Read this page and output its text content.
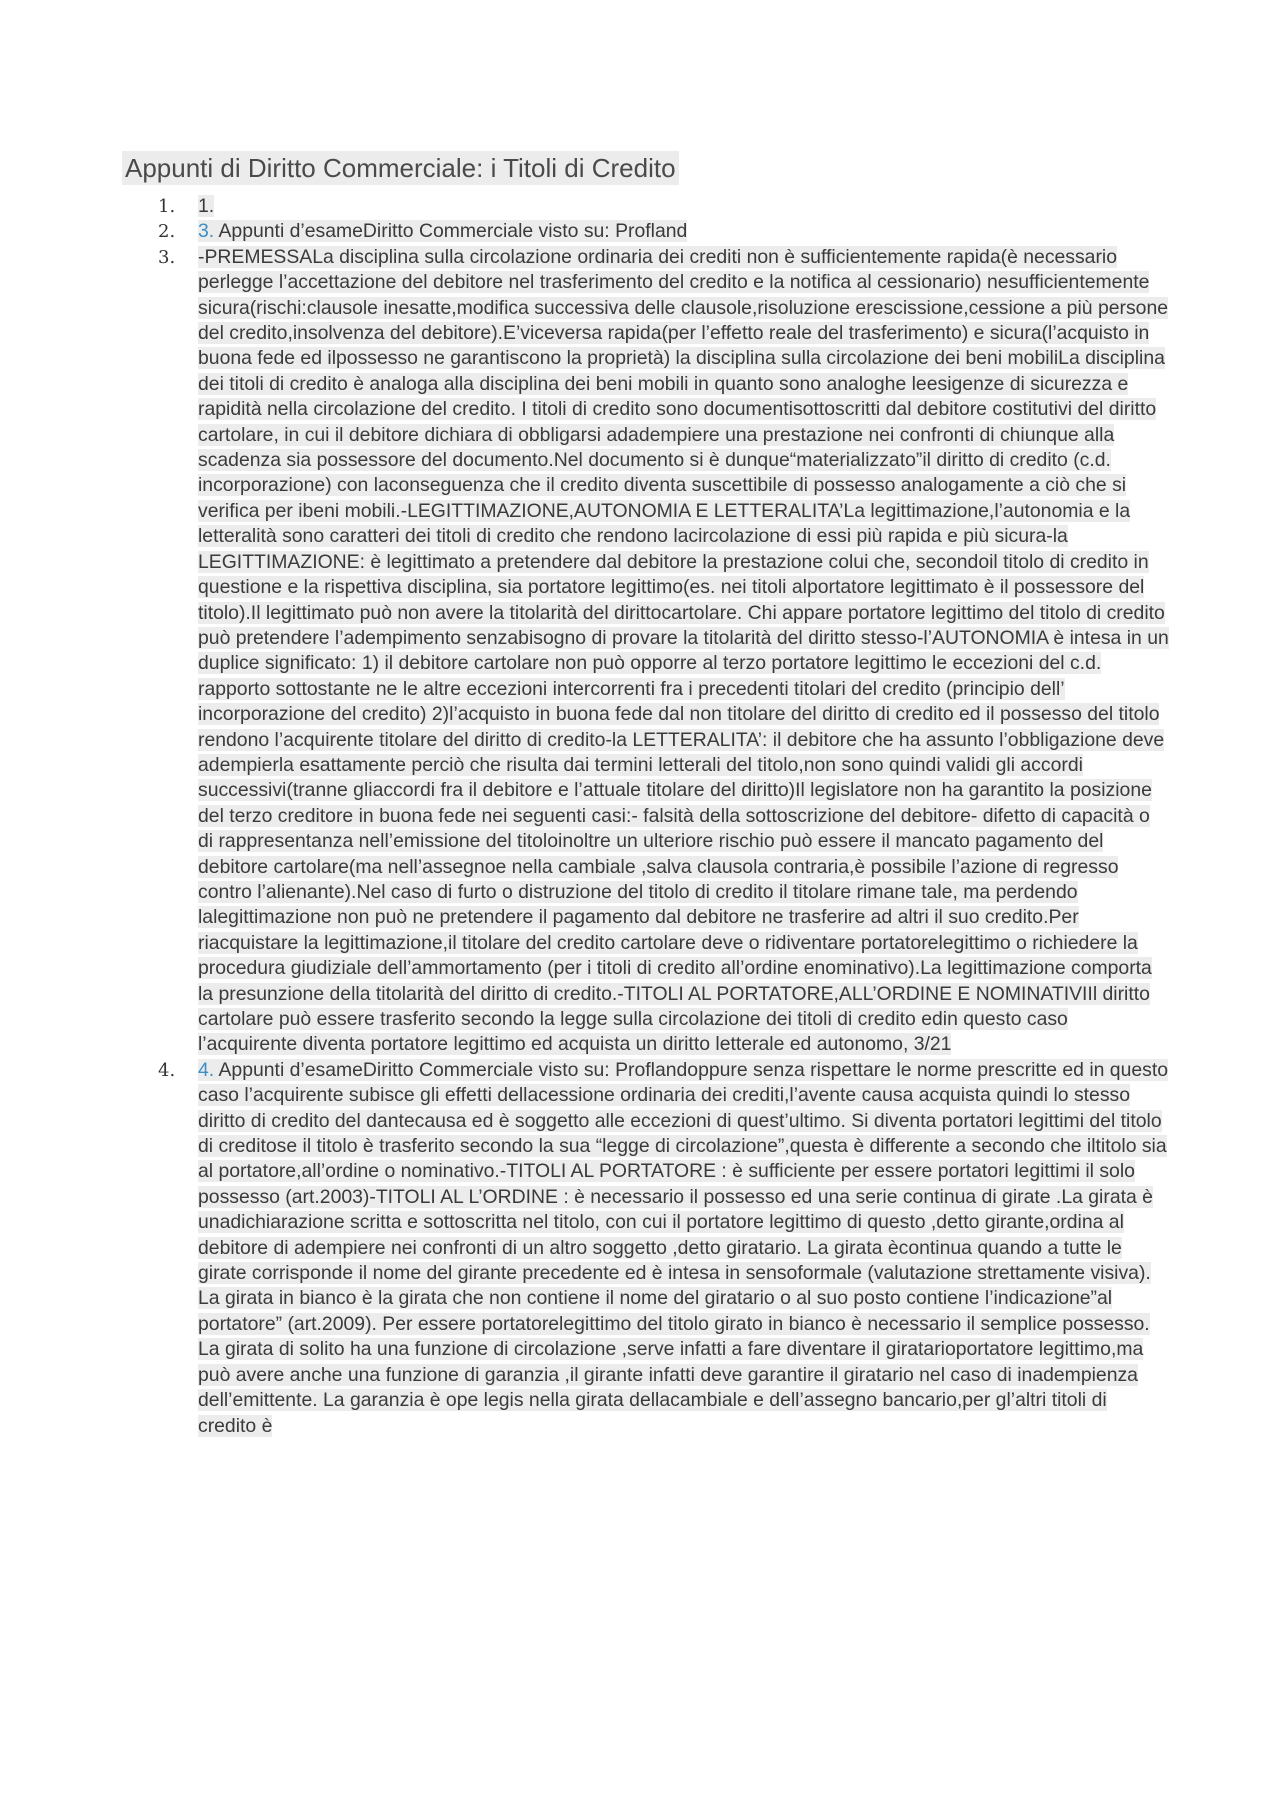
Appunti di Diritto Commerciale: i Titoli di Credito
1. 1.
2. 3. Appunti d’esameDiritto Commerciale visto su: Profland
3. -PREMESSALa disciplina sulla circolazione ordinaria dei crediti non è sufficientemente rapida(è necessario perlegge l’accettazione del debitore nel trasferimento del credito e la notifica al cessionario) nesufficientemente sicura(rischi:clausole inesatte,modifica successiva delle clausole,risoluzione erescissione,cessione a più persone del credito,insolvenza del debitore).E’viceversa rapida(per l’effetto reale del trasferimento) e sicura(l’acquisto in buona fede ed ilpossesso ne garantiscono la proprietà) la disciplina sulla circolazione dei beni mobiliLa disciplina dei titoli di credito è analoga alla disciplina dei beni mobili in quanto sono analoghe leesigenze di sicurezza e rapidità nella circolazione del credito. I titoli di credito sono documentisottoscritti dal debitore costitutivi del diritto cartolare, in cui il debitore dichiara di obbligarsi adadempiere una prestazione nei confronti di chiunque alla scadenza sia possessore del documento.Nel documento si è dunque“materializzato”il diritto di credito (c.d. incorporazione) con laconseguenza che il credito diventa suscettibile di possesso analogamente a ciò che si verifica per ibeni mobili.-LEGITTIMAZIONE,AUTONOMIA E LETTERALITA’La legittimazione,l’autonomia e la letteralità sono caratteri dei titoli di credito che rendono lacircolazione di essi più rapida e più sicura-la LEGITTIMAZIONE: è legittimato a pretendere dal debitore la prestazione colui che, secondoil titolo di credito in questione e la rispettiva disciplina, sia portatore legittimo(es. nei titoli alportatore legittimato è il possessore del titolo).Il legittimato può non avere la titolarità del dirittocartolare. Chi appare portatore legittimo del titolo di credito può pretendere l’adempimento senzabisogno di provare la titolarità del diritto stesso-l’AUTONOMIA è intesa in un duplice significato: 1) il debitore cartolare non può opporre al terzo portatore legittimo le eccezioni del c.d. rapporto sottostante ne le altre eccezioni intercorrenti fra i precedenti titolari del credito (principio dell’ incorporazione del credito) 2)l’acquisto in buona fede dal non titolare del diritto di credito ed il possesso del titolo rendono l’acquirente titolare del diritto di credito-la LETTERALITA’: il debitore che ha assunto l’obbligazione deve adempierla esattamente perciò che risulta dai termini letterali del titolo,non sono quindi validi gli accordi successivi(tranne gliaccordi fra il debitore e l’attuale titolare del diritto)Il legislatore non ha garantito la posizione del terzo creditore in buona fede nei seguenti casi:- falsità della sottoscrizione del debitore- difetto di capacità o di rappresentanza nell’emissione del titoloinoltre un ulteriore rischio può essere il mancato pagamento del debitore cartolare(ma nell’assegnoe nella cambiale ,salva clausola contraria,è possibile l’azione di regresso contro l’alienante).Nel caso di furto o distruzione del titolo di credito il titolare rimane tale, ma perdendo lalegittimazione non può ne pretendere il pagamento dal debitore ne trasferire ad altri il suo credito.Per riacquistare la legittimazione,il titolare del credito cartolare deve o ridiventare portatorelegittimo o richiedere la procedura giudiziale dell’ammortamento (per i titoli di credito all’ordine enominativo).La legittimazione comporta la presunzione della titolarità del diritto di credito.-TITOLI AL PORTATORE,ALL’ORDINE E NOMINATIVIIl diritto cartolare può essere trasferito secondo la legge sulla circolazione dei titoli di credito edin questo caso l’acquirente diventa portatore legittimo ed acquista un diritto letterale ed autonomo, 3/21
4. 4. Appunti d’esameDiritto Commerciale visto su: Proflandoppure senza rispettare le norme prescritte ed in questo caso l’acquirente subisce gli effetti dellacessione ordinaria dei crediti,l’avente causa acquista quindi lo stesso diritto di credito del dantecausa ed è soggetto alle eccezioni di quest’ultimo. Si diventa portatori legittimi del titolo di creditose il titolo è trasferito secondo la sua “legge di circolazione”,questa è differente a secondo che iltitolo sia al portatore,all’ordine o nominativo.-TITOLI AL PORTATORE : è sufficiente per essere portatori legittimi il solo possesso (art.2003)-TITOLI AL L’ORDINE : è necessario il possesso ed una serie continua di girate .La girata è unadichiarazione scritta e sottoscritta nel titolo, con cui il portatore legittimo di questo ,detto girante,ordina al debitore di adempiere nei confronti di un altro soggetto ,detto giratario. La girata ècontinua quando a tutte le girate corrisponde il nome del girante precedente ed è intesa in sensoformale (valutazione strettamente visiva). La girata in bianco è la girata che non contiene il nome del giratario o al suo posto contiene l’indicazione”al portatore” (art.2009). Per essere portatorelegittimo del titolo girato in bianco è necessario il semplice possesso. La girata di solito ha una funzione di circolazione ,serve infatti a fare diventare il giratarioportatore legittimo,ma può avere anche una funzione di garanzia ,il girante infatti deve garantire il giratario nel caso di inadempienza dell’emittente. La garanzia è ope legis nella girata dellacambiale e dell’assegno bancario,per gl’altri titoli di credito è
